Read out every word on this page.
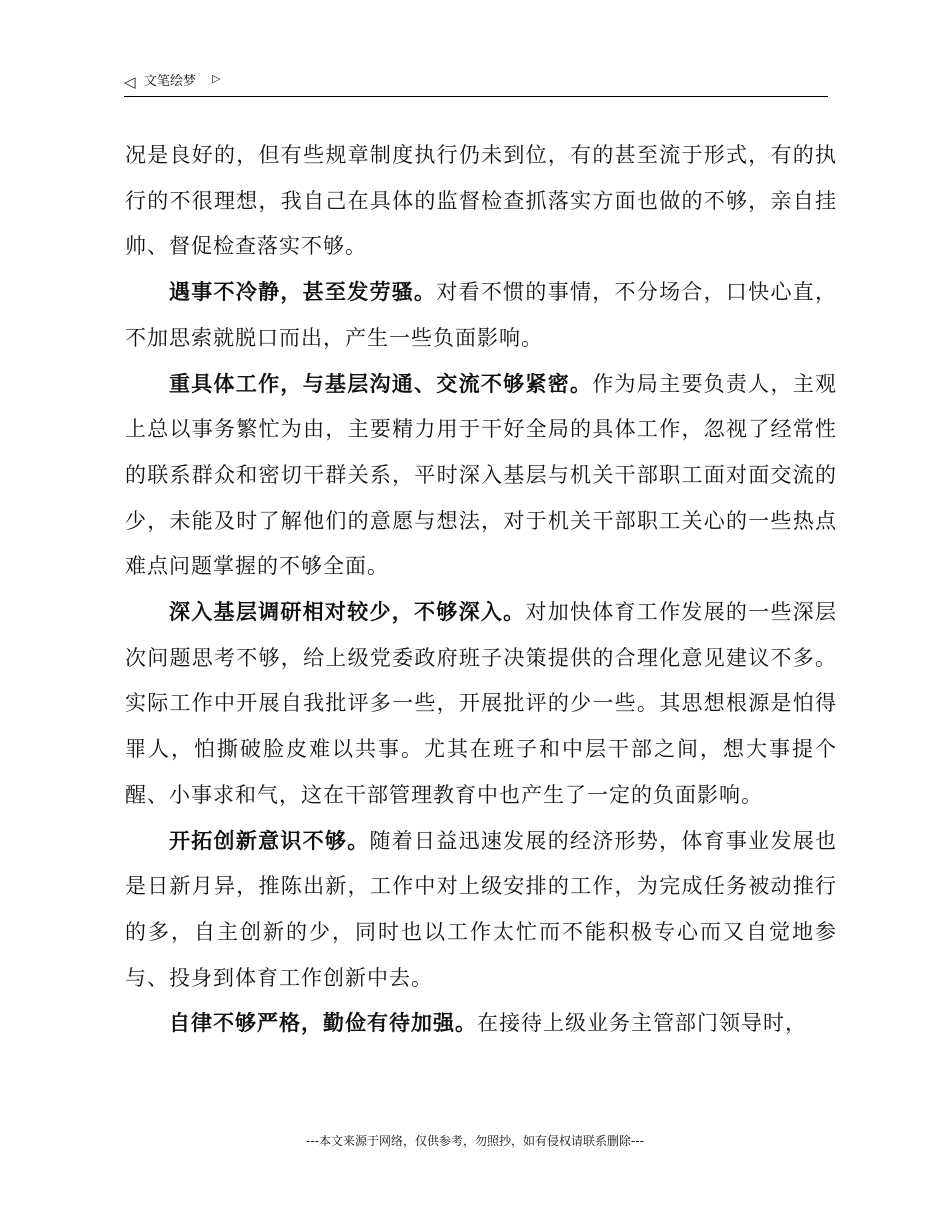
◁ 文笔绘梦 ▷

况是良好的，但有些规章制度执行仍未到位，有的甚至流于形式，有的执行的不很理想，我自己在具体的监督检查抓落实方面也做的不够，亲自挂帅、督促检查落实不够。

遇事不冷静，甚至发劳骚。对看不惯的事情，不分场合，口快心直，不加思索就脱口而出，产生一些负面影响。

重具体工作，与基层沟通、交流不够紧密。作为局主要负责人，主观上总以事务繁忙为由，主要精力用于干好全局的具体工作，忽视了经常性的联系群众和密切干群关系，平时深入基层与机关干部职工面对面交流的少，未能及时了解他们的意愿与想法，对于机关干部职工关心的一些热点难点问题掌握的不够全面。

深入基层调研相对较少，不够深入。对加快体育工作发展的一些深层次问题思考不够，给上级党委政府班子决策提供的合理化意见建议不多。实际工作中开展自我批评多一些，开展批评的少一些。其思想根源是怕得罪人，怕撕破脸皮难以共事。尤其在班子和中层干部之间，想大事提个醒、小事求和气，这在干部管理教育中也产生了一定的负面影响。

开拓创新意识不够。随着日益迅速发展的经济形势，体育事业发展也是日新月异，推陈出新，工作中对上级安排的工作，为完成任务被动推行的多，自主创新的少，同时也以工作太忙而不能积极专心而又自觉地参与、投身到体育工作创新中去。

自律不够严格，勤俭有待加强。在接待上级业务主管部门领导时，

---本文来源于网络，仅供参考，勿照抄，如有侵权请联系删除---
